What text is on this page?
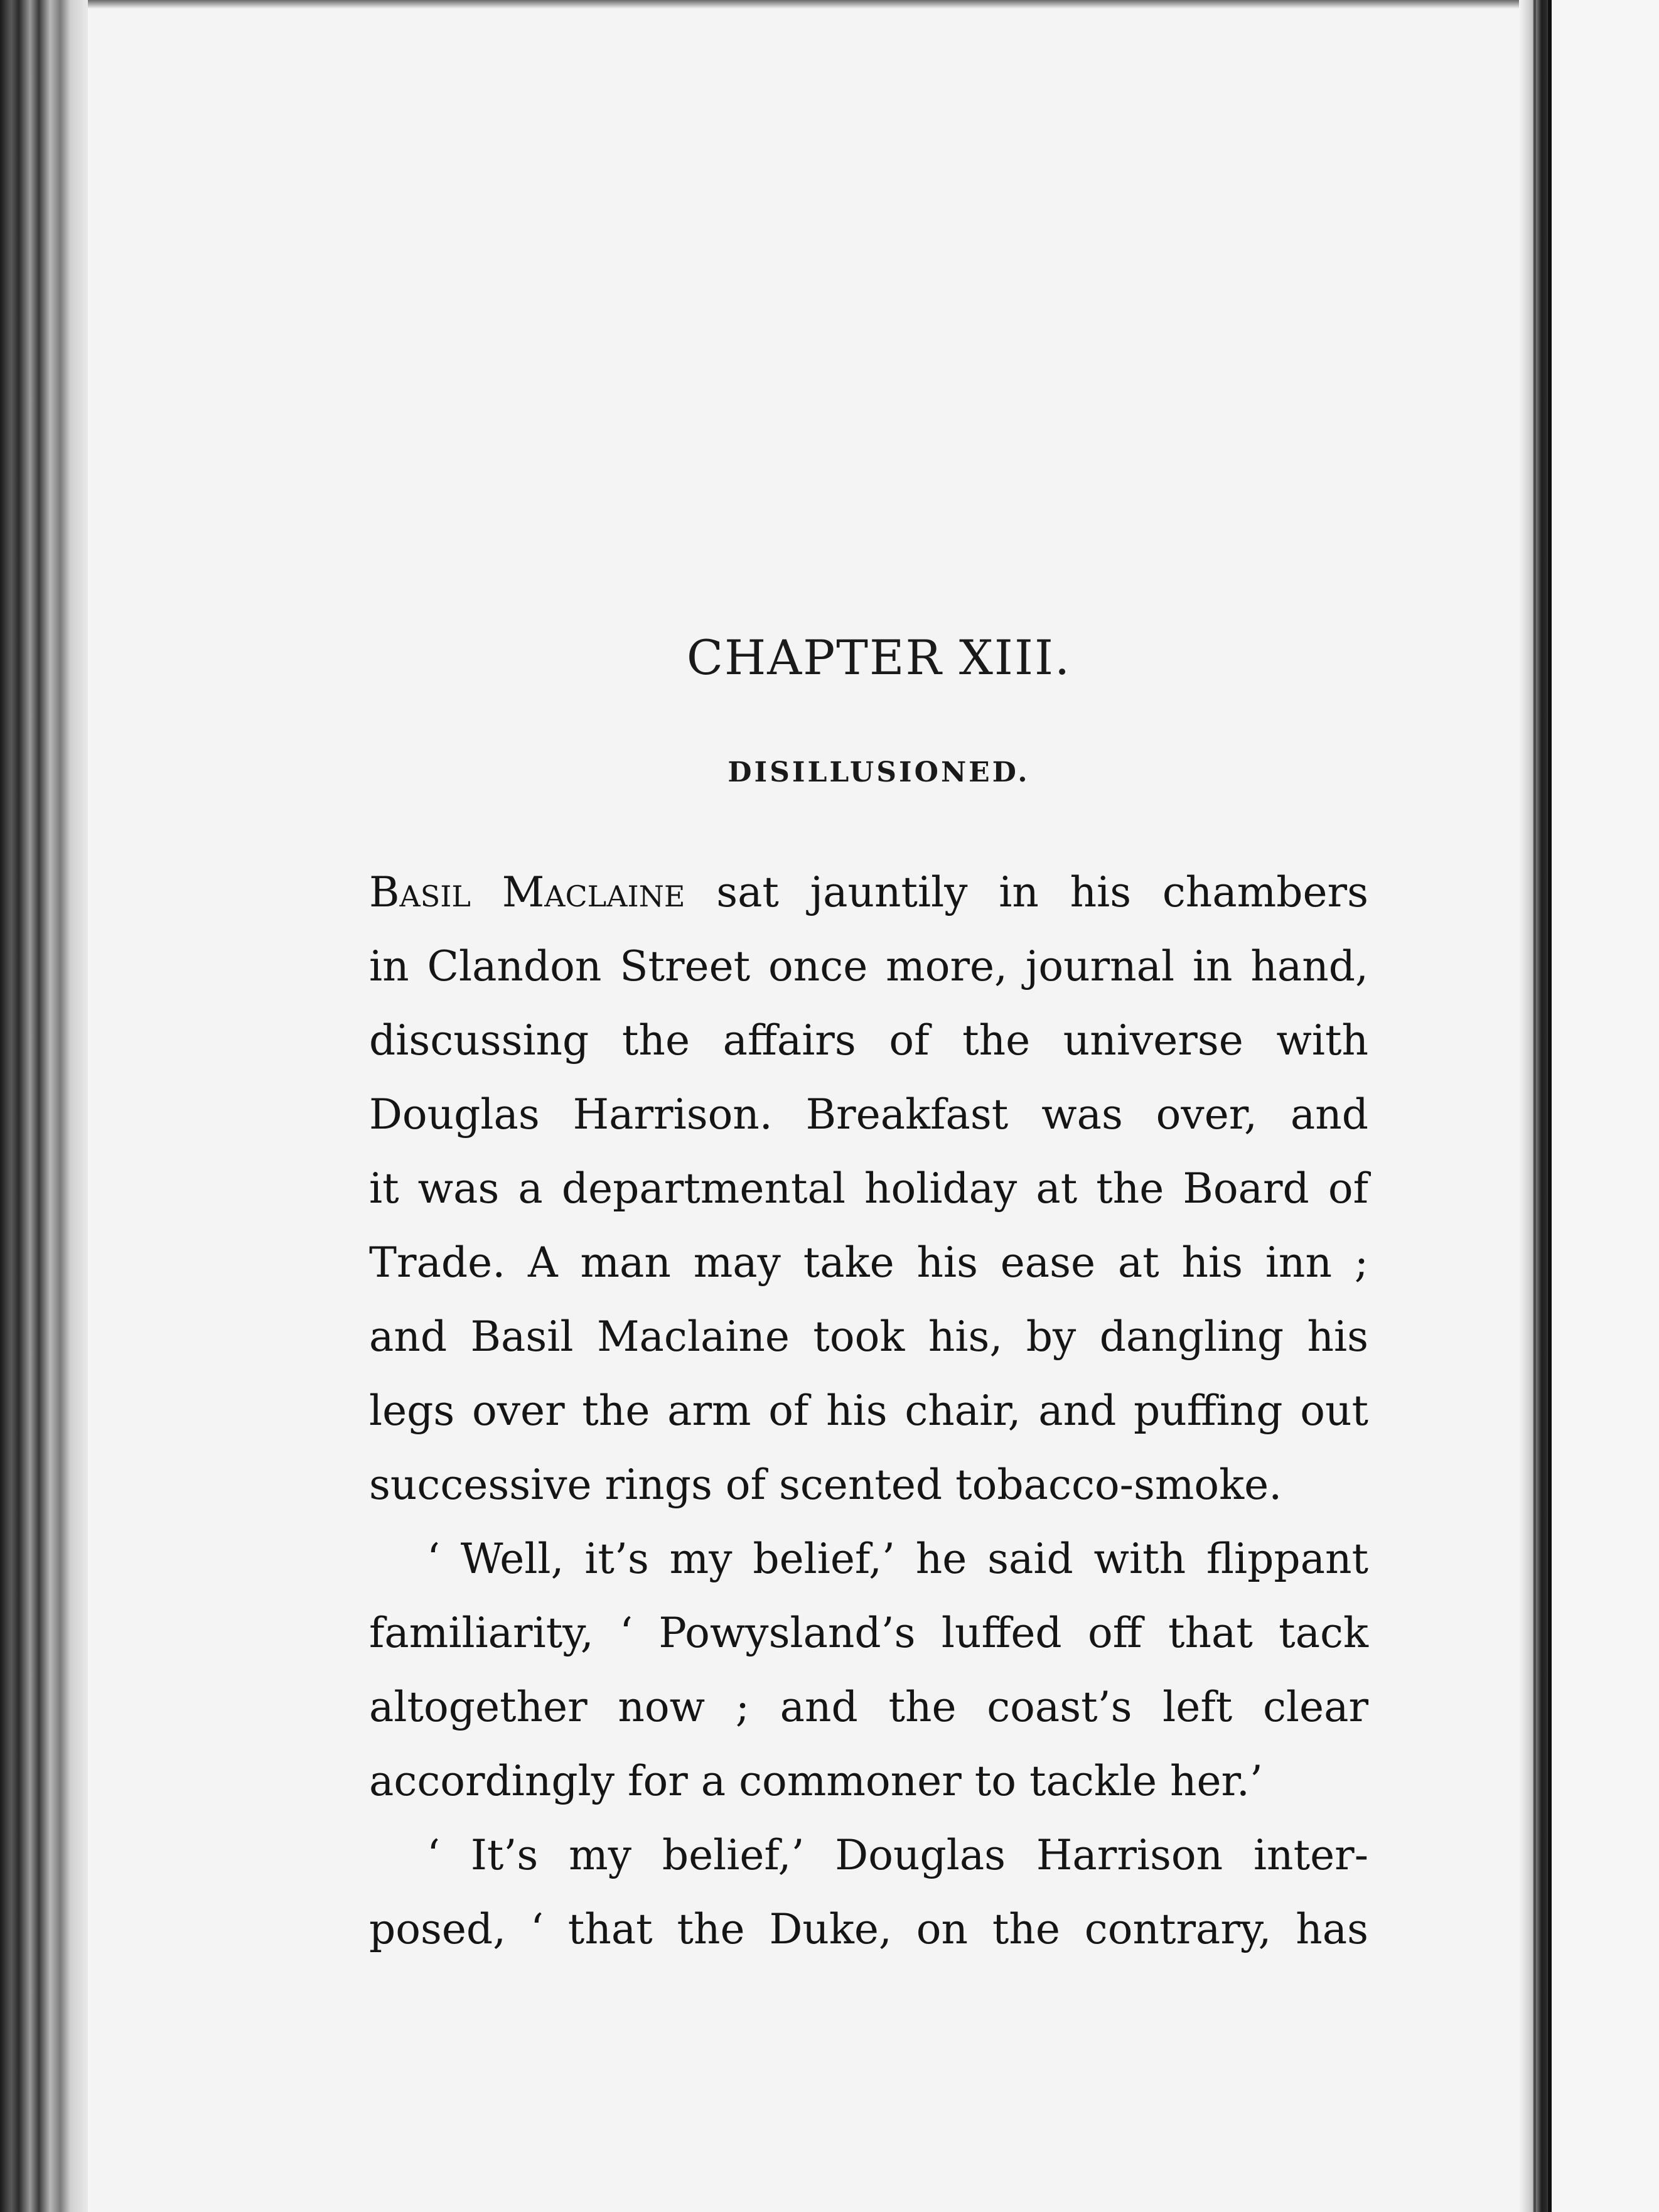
CHAPTER XIII.
DISILLUSIONED.
Basil Maclaine sat jauntily in his chambers
in Clandon Street once more, journal in hand,
discussing the affairs of the universe with
Douglas Harrison. Breakfast was over, and
it was a departmental holiday at the Board of
Trade. A man may take his ease at his inn ;
and Basil Maclaine took his, by dangling his
legs over the arm of his chair, and puffing out
successive rings of scented tobacco-smoke.
‘ Well, it’s my belief,’ he said with flippant
familiarity, ‘ Powysland’s luffed off that tack
altogether now ; and the coast’s left clear
accordingly for a commoner to tackle her.’
‘ It’s my belief,’ Douglas Harrison inter-
posed, ‘ that the Duke, on the contrary, has
